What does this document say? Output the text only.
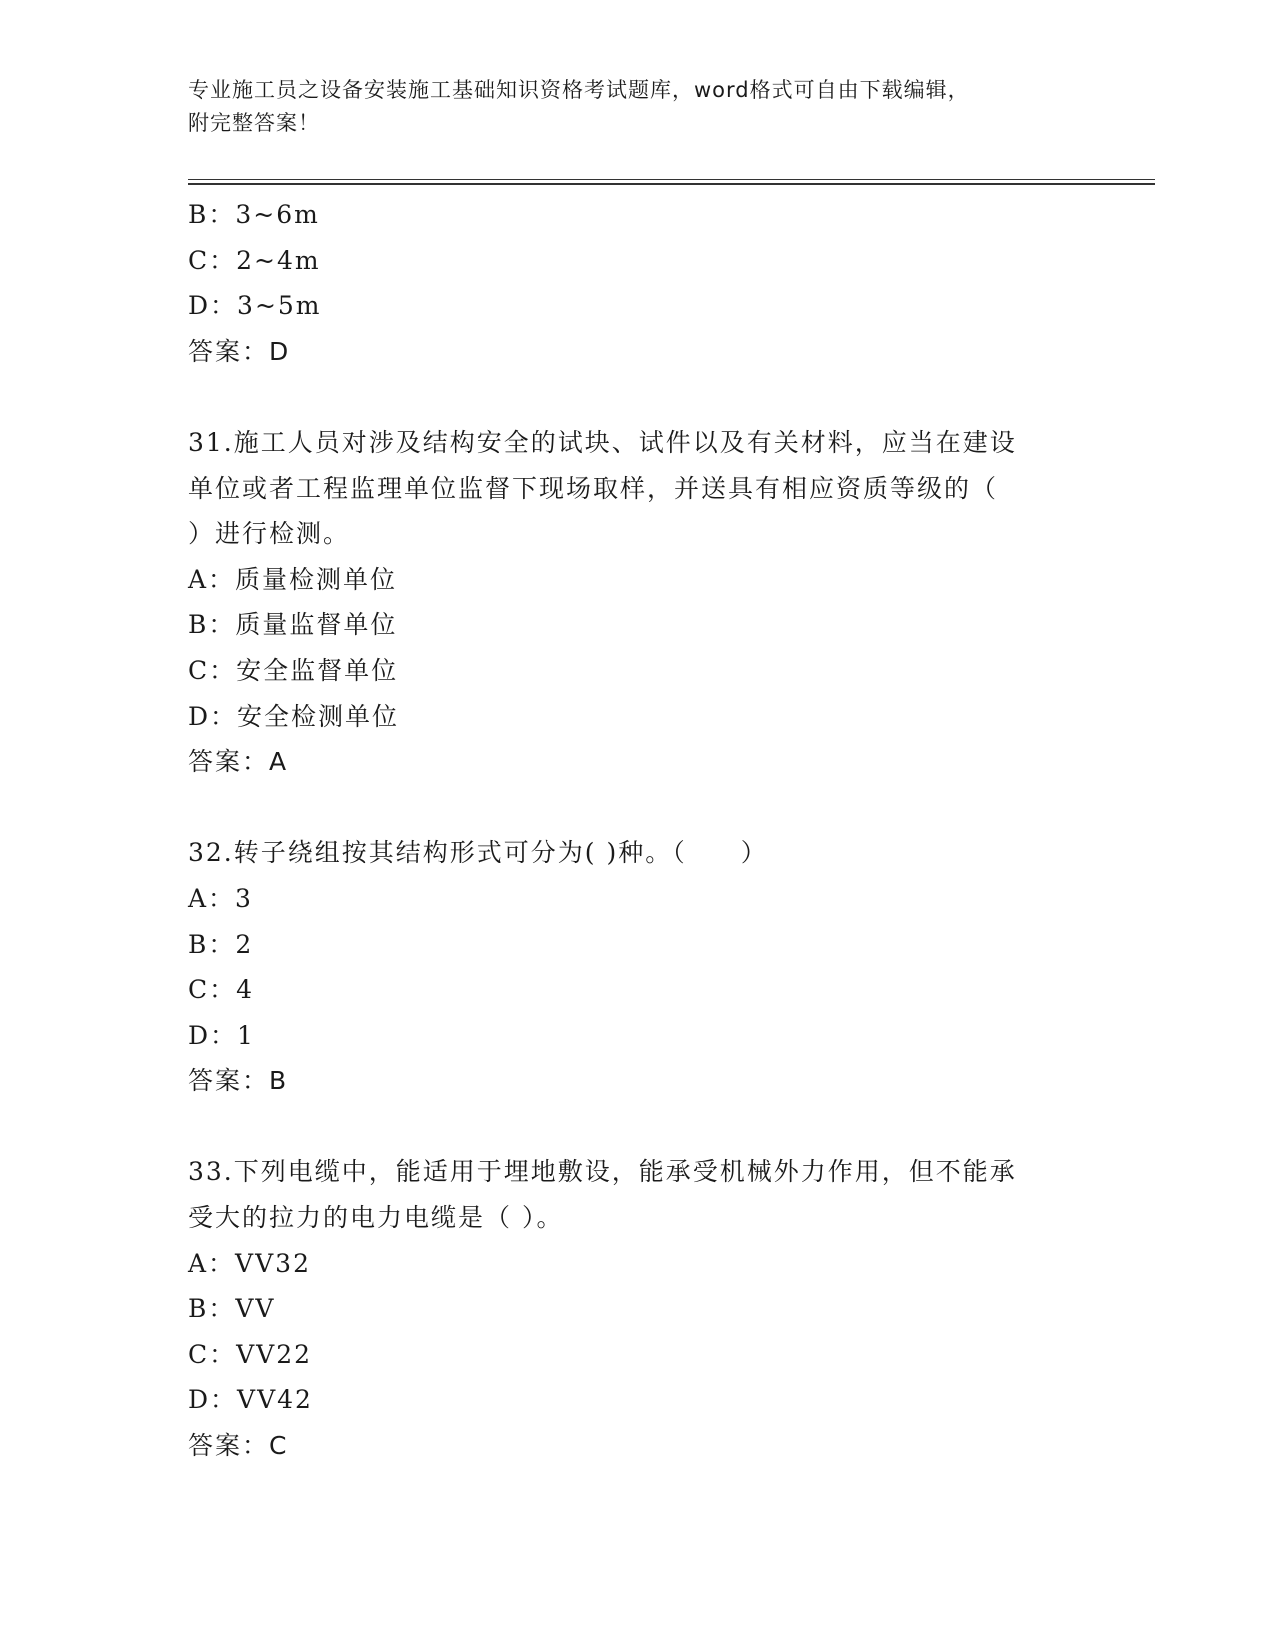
专业施工员之设备安装施工基础知识资格考试题库，word格式可自由下载编辑，
附完整答案！
B：3~6m
C：2~4m
D：3~5m
答案：D
31.施工人员对涉及结构安全的试块、试件以及有关材料，应当在建设
单位或者工程监理单位监督下现场取样，并送具有相应资质等级的（
）进行检测。
A：质量检测单位
B：质量监督单位
C：安全监督单位
D：安全检测单位
答案：A
32.转子绕组按其结构形式可分为( )种。（　　）
A：3
B：2
C：4
D：1
答案：B
33.下列电缆中，能适用于埋地敷设，能承受机械外力作用，但不能承
受大的拉力的电力电缆是（ ）。
A：VV32
B：VV
C：VV22
D：VV42
答案：C
